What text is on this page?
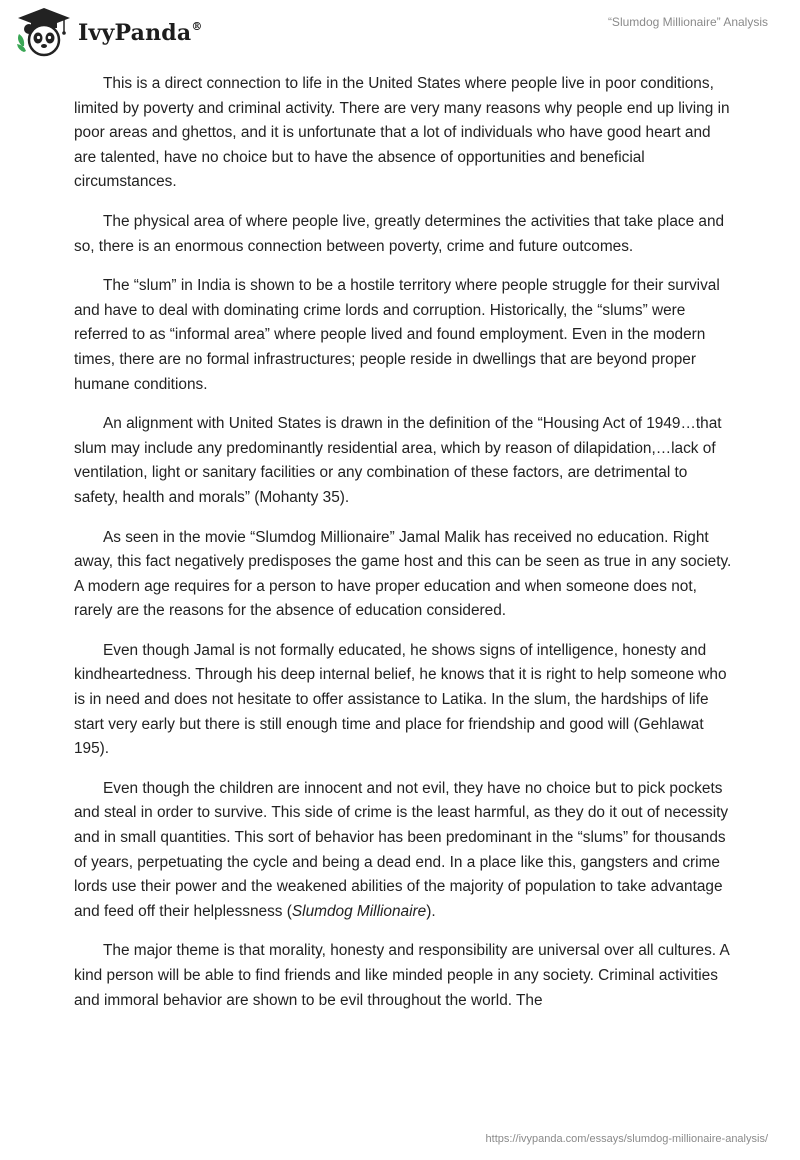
IvyPanda®	“Slumdog Millionaire” Analysis

This is a direct connection to life in the United States where people live in poor conditions, limited by poverty and criminal activity. There are very many reasons why people end up living in poor areas and ghettos, and it is unfortunate that a lot of individuals who have good heart and are talented, have no choice but to have the absence of opportunities and beneficial circumstances.

The physical area of where people live, greatly determines the activities that take place and so, there is an enormous connection between poverty, crime and future outcomes.

The “slum” in India is shown to be a hostile territory where people struggle for their survival and have to deal with dominating crime lords and corruption. Historically, the “slums” were referred to as “informal area” where people lived and found employment. Even in the modern times, there are no formal infrastructures; people reside in dwellings that are beyond proper humane conditions.

An alignment with United States is drawn in the definition of the “Housing Act of 1949…that slum may include any predominantly residential area, which by reason of dilapidation,…lack of ventilation, light or sanitary facilities or any combination of these factors, are detrimental to safety, health and morals” (Mohanty 35).

As seen in the movie “Slumdog Millionaire” Jamal Malik has received no education. Right away, this fact negatively predisposes the game host and this can be seen as true in any society. A modern age requires for a person to have proper education and when someone does not, rarely are the reasons for the absence of education considered.

Even though Jamal is not formally educated, he shows signs of intelligence, honesty and kindheartedness. Through his deep internal belief, he knows that it is right to help someone who is in need and does not hesitate to offer assistance to Latika. In the slum, the hardships of life start very early but there is still enough time and place for friendship and good will (Gehlawat 195).

Even though the children are innocent and not evil, they have no choice but to pick pockets and steal in order to survive. This side of crime is the least harmful, as they do it out of necessity and in small quantities. This sort of behavior has been predominant in the “slums” for thousands of years, perpetuating the cycle and being a dead end. In a place like this, gangsters and crime lords use their power and the weakened abilities of the majority of population to take advantage and feed off their helplessness (Slumdog Millionaire).

The major theme is that morality, honesty and responsibility are universal over all cultures. A kind person will be able to find friends and like minded people in any society. Criminal activities and immoral behavior are shown to be evil throughout the world. The

https://ivypanda.com/essays/slumdog-millionaire-analysis/
